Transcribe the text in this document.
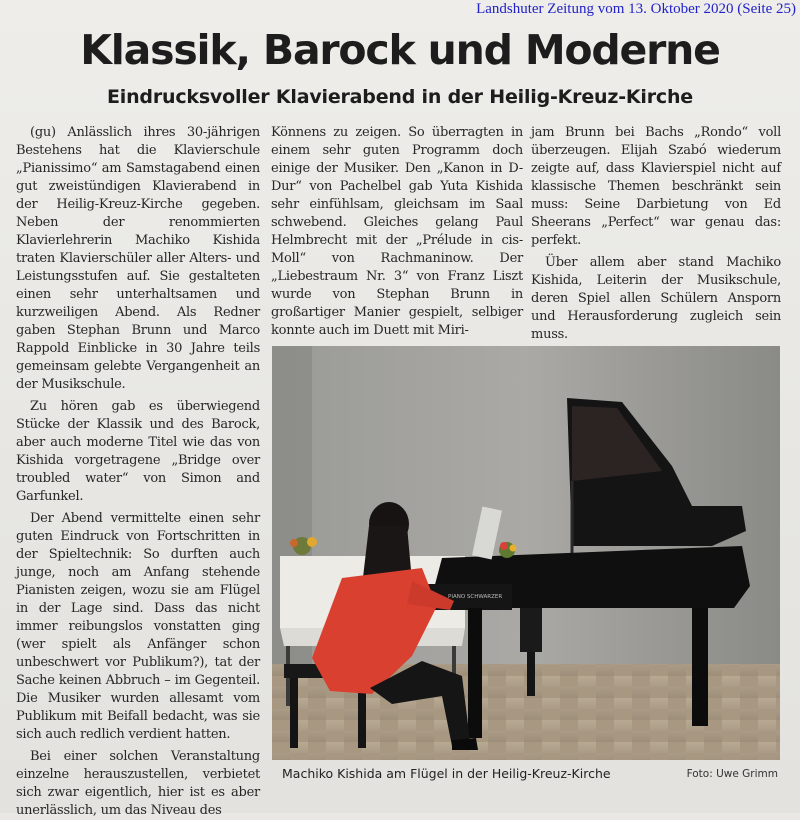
Landshuter Zeitung vom 13. Oktober 2020 (Seite 25)
Klassik, Barock und Moderne
Eindrucksvoller Klavierabend in der Heilig-Kreuz-Kirche

(gu) Anlässlich ihres 30-jährigen Bestehens hat die Klavierschule „Pianissimo“ am Samstagabend einen gut zweistündigen Klavierabend in der Heilig-Kreuz-Kirche gegeben. Neben der renommierten Klavierlehrerin Machiko Kishida traten Klavierschüler aller Alters- und Leistungsstufen auf. Sie gestalteten einen sehr unterhaltsamen und kurzweiligen Abend. Als Redner gaben Stephan Brunn und Marco Rappold Einblicke in 30 Jahre teils gemeinsam gelebte Vergangenheit an der Musikschule.

Zu hören gab es überwiegend Stücke der Klassik und des Barock, aber auch moderne Titel wie das von Kishida vorgetragene „Bridge over troubled water“ von Simon and Garfunkel.

Der Abend vermittelte einen sehr guten Eindruck von Fortschritten in der Spieltechnik: So durften auch junge, noch am Anfang stehende Pianisten zeigen, wozu sie am Flügel in der Lage sind. Dass das nicht immer reibungslos vonstatten ging (wer spielt als Anfänger schon unbeschwert vor Publikum?), tat der Sache keinen Abbruch – im Gegenteil. Die Musiker wurden allesamt vom Publikum mit Beifall bedacht, was sie sich auch redlich verdient hatten.

Bei einer solchen Veranstaltung einzelne herauszustellen, verbietet sich zwar eigentlich, hier ist es aber unerlässlich, um das Niveau des

Könnens zu zeigen. So überragten in einem sehr guten Programm doch einige der Musiker. Den „Kanon in D-Dur“ von Pachelbel gab Yuta Kishida sehr einfühlsam, gleichsam im Saal schwebend. Gleiches gelang Paul Helmbrecht mit der „Prélude in cis-Moll“ von Rachmaninow. Der „Liebestraum Nr. 3“ von Franz Liszt wurde von Stephan Brunn in großartiger Manier gespielt, selbiger konnte auch im Duett mit Miri-

jam Brunn bei Bachs „Rondo“ voll überzeugen. Elijah Szabó wiederum zeigte auf, dass Klavierspiel nicht auf klassische Themen beschränkt sein muss: Seine Darbietung von Ed Sheerans „Perfect“ war genau das: perfekt.

Über allem aber stand Machiko Kishida, Leiterin der Musikschule, deren Spiel allen Schülern Ansporn und Herausforderung zugleich sein muss.

PIANO SCHWARZER
Machiko Kishida am Flügel in der Heilig-Kreuz-Kirche	Foto: Uwe Grimm
